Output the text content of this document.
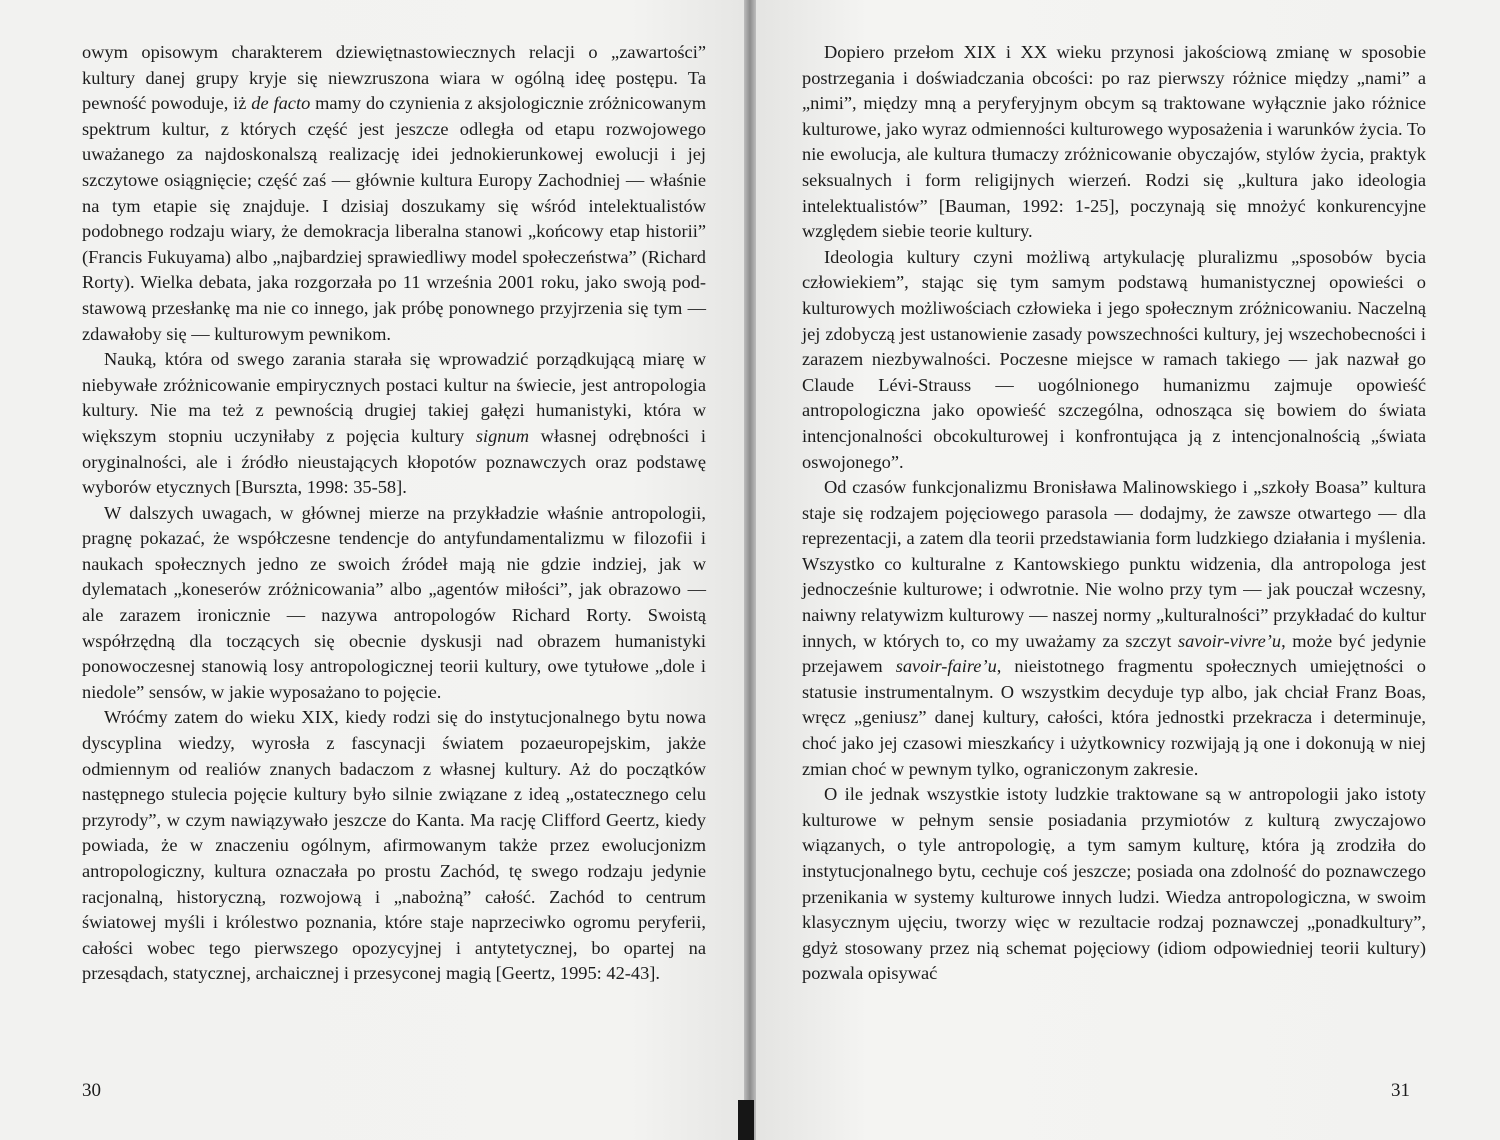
owym opisowym charakterem dziewiętnastowiecznych relacji o „zawartości” kultury danej grupy kryje się niewzruszona wiara w ogólną ideę postępu. Ta pewność powoduje, iż de facto mamy do czynienia z aksjologicznie zróżnicowanym spektrum kultur, z których część jest jeszcze odległa od etapu rozwojowego uważanego za najdoskonalszą realizację idei jednokierunkowej ewolucji i jej szczytowe osiągnięcie; część zaś — głównie kultura Europy Zachodniej — właśnie na tym etapie się znajduje. I dzisiaj doszukamy się wśród intelektualistów podobnego rodzaju wiary, że demokracja liberalna stanowi „końcowy etap historii” (Francis Fukuyama) albo „najbardziej sprawiedliwy model społeczeństwa” (Richard Rorty). Wielka debata, jaka rozgorzała po 11 września 2001 roku, jako swoją podstawową przesłankę ma nie co innego, jak próbę ponownego przyjrzenia się tym — zdawałoby się — kulturowym pewnikom.

Nauką, która od swego zarania starała się wprowadzić porządkującą miarę w niebywałe zróżnicowanie empirycznych postaci kultur na świecie, jest antropologia kultury. Nie ma też z pewnością drugiej takiej gałęzi humanistyki, która w większym stopniu uczyniłaby z pojęcia kultury signum własnej odrębności i oryginalności, ale i źródło nieustających kłopotów poznawczych oraz podstawę wyborów etycznych [Burszta, 1998: 35-58].

W dalszych uwagach, w głównej mierze na przykładzie właśnie antropologii, pragnę pokazać, że współczesne tendencje do antyfundamentalizmu w filozofii i naukach społecznych jedno ze swoich źródeł mają nie gdzie indziej, jak w dylematach „koneserów zróżnicowania” albo „agentów miłości”, jak obrazowo — ale zarazem ironicznie — nazywa antropologów Richard Rorty. Swoistą współrzędną dla toczących się obecnie dyskusji nad obrazem humanistyki ponowoczesnej stanowią losy antropologicznej teorii kultury, owe tytułowe „dole i niedole” sensów, w jakie wyposażano to pojęcie.

Wróćmy zatem do wieku XIX, kiedy rodzi się do instytucjonalnego bytu nowa dyscyplina wiedzy, wyrosła z fascynacji światem pozaeuropejskim, jakże odmiennym od realiów znanych badaczom z własnej kultury. Aż do początków następnego stulecia pojęcie kultury było silnie związane z ideą „ostatecznego celu przyrody”, w czym nawiązywało jeszcze do Kanta. Ma rację Clifford Geertz, kiedy powiada, że w znaczeniu ogólnym, afirmowanym także przez ewolucjonizm antropologiczny, kultura oznaczała po prostu Zachód, tę swego rodzaju jedynie racjonalną, historyczną, rozwojową i „nabożną” całość. Zachód to centrum światowej myśli i królestwo poznania, które staje naprzeciwko ogromu peryferii, całości wobec tego pierwszego opozycyjnej i antytetycznej, bo opartej na przesądach, statycznej, archaicznej i przesyconej magią [Geertz, 1995: 42-43].

30

Dopiero przełom XIX i XX wieku przynosi jakościową zmianę w sposobie postrzegania i doświadczania obcości: po raz pierwszy różnice między „nami” a „nimi”, między mną a peryferyjnym obcym są traktowane wyłącznie jako różnice kulturowe, jako wyraz odmienności kulturowego wyposażenia i warunków życia. To nie ewolucja, ale kultura tłumaczy zróżnicowanie obyczajów, stylów życia, praktyk seksualnych i form religijnych wierzeń. Rodzi się „kultura jako ideologia intelektualistów” [Bauman, 1992: 1-25], poczynają się mnożyć konkurencyjne względem siebie teorie kultury.

Ideologia kultury czyni możliwą artykulację pluralizmu „sposobów bycia człowiekiem”, stając się tym samym podstawą humanistycznej opowieści o kulturowych możliwościach człowieka i jego społecznym zróżnicowaniu. Naczelną jej zdobyczą jest ustanowienie zasady powszechności kultury, jej wszechobecności i zarazem niezbywalności. Poczesne miejsce w ramach takiego — jak nazwał go Claude Lévi-Strauss — uogólnionego humanizmu zajmuje opowieść antropologiczna jako opowieść szczególna, odnosząca się bowiem do świata intencjonalności obcokulturowej i konfrontująca ją z intencjonalnością „świata oswojonego”.

Od czasów funkcjonalizmu Bronisława Malinowskiego i „szkoły Boasa” kultura staje się rodzajem pojęciowego parasola — dodajmy, że zawsze otwartego — dla reprezentacji, a zatem dla teorii przedstawiania form ludzkiego działania i myślenia. Wszystko co kulturalne z Kantowskiego punktu widzenia, dla antropologa jest jednocześnie kulturowe; i odwrotnie. Nie wolno przy tym — jak pouczał wczesny, naiwny relatywizm kulturowy — naszej normy „kulturalności” przykładać do kultur innych, w których to, co my uważamy za szczyt savoir-vivre’u, może być jedynie przejawem savoir-faire’u, nieistotnego fragmentu społecznych umiejętności o statusie instrumentalnym. O wszystkim decyduje typ albo, jak chciał Franz Boas, wręcz „geniusz” danej kultury, całości, która jednostki przekracza i determinuje, choć jako jej czasowi mieszkańcy i użytkownicy rozwijają ją one i dokonują w niej zmian choć w pewnym tylko, ograniczonym zakresie.

O ile jednak wszystkie istoty ludzkie traktowane są w antropologii jako istoty kulturowe w pełnym sensie posiadania przymiotów z kulturą zwyczajowo wiązanych, o tyle antropologię, a tym samym kulturę, która ją zrodziła do instytucjonalnego bytu, cechuje coś jeszcze; posiada ona zdolność do poznawczego przenikania w systemy kulturowe innych ludzi. Wiedza antropologiczna, w swoim klasycznym ujęciu, tworzy więc w rezultacie rodzaj poznawczej „ponadkultury”, gdyż stosowany przez nią schemat pojęciowy (idiom odpowiedniej teorii kultury) pozwala opisywać

31
